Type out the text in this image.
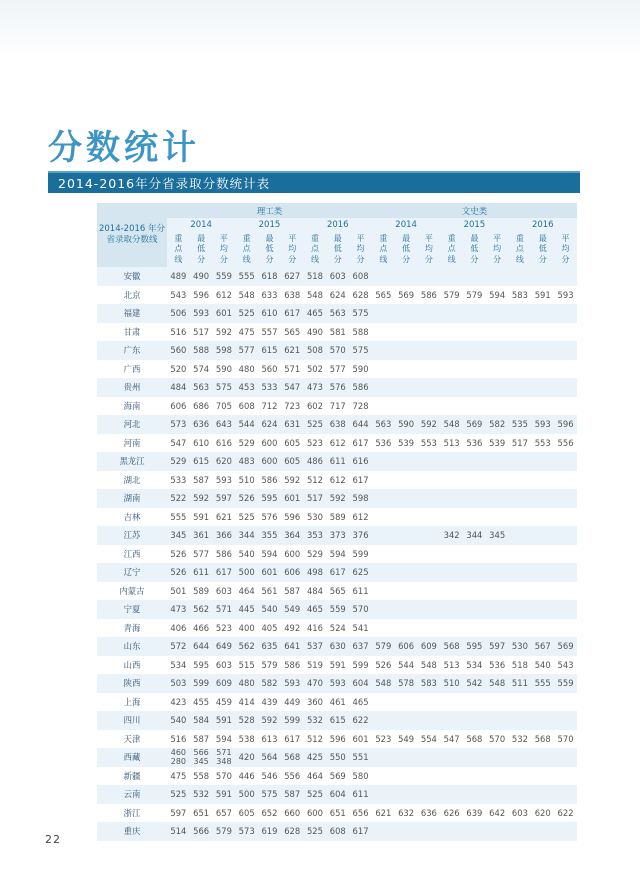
分数统计
2014-2016年分省录取分数统计表
2014-2016 年分省录取分数线	理工类									文史类								
	2014			2015			2016			2014			2015			2016		
	重点线	最低分	平均分	重点线	最低分	平均分	重点线	最低分	平均分	重点线	最低分	平均分	重点线	最低分	平均分	重点线	最低分	平均分
安徽	489	490	559	555	618	627	518	603	608									
北京	543	596	612	548	633	638	548	624	628	565	569	586	579	579	594	583	591	593
福建	506	593	601	525	610	617	465	563	575									
甘肃	516	517	592	475	557	565	490	581	588									
广东	560	588	598	577	615	621	508	570	575									
广西	520	574	590	480	560	571	502	577	590									
贵州	484	563	575	453	533	547	473	576	586									
海南	606	686	705	608	712	723	602	717	728									
河北	573	636	643	544	624	631	525	638	644	563	590	592	548	569	582	535	593	596
河南	547	610	616	529	600	605	523	612	617	536	539	553	513	536	539	517	553	556
黑龙江	529	615	620	483	600	605	486	611	616									
湖北	533	587	593	510	586	592	512	612	617									
湖南	522	592	597	526	595	601	517	592	598									
吉林	555	591	621	525	576	596	530	589	612									
江苏	345	361	366	344	355	364	353	373	376				342	344	345			
江西	526	577	586	540	594	600	529	594	599									
辽宁	526	611	617	500	601	606	498	617	625									
内蒙古	501	589	603	464	561	587	484	565	611									
宁夏	473	562	571	445	540	549	465	559	570									
青海	406	466	523	400	405	492	416	524	541									
山东	572	644	649	562	635	641	537	630	637	579	606	609	568	595	597	530	567	569
山西	534	595	603	515	579	586	519	591	599	526	544	548	513	534	536	518	540	543
陕西	503	599	609	480	582	593	470	593	604	548	578	583	510	542	548	511	555	559
上海	423	455	459	414	439	449	360	461	465									
四川	540	584	591	528	592	599	532	615	622									
天津	516	587	594	538	613	617	512	596	601	523	549	554	547	568	570	532	568	570
西藏	460 280	566 345	571 348	420	564	568	425	550	551									
新疆	475	558	570	446	546	556	464	569	580									
云南	525	532	591	500	575	587	525	604	611									
浙江	597	651	657	605	652	660	600	651	656	621	632	636	626	639	642	603	620	622
重庆	514	566	579	573	619	628	525	608	617									
22
